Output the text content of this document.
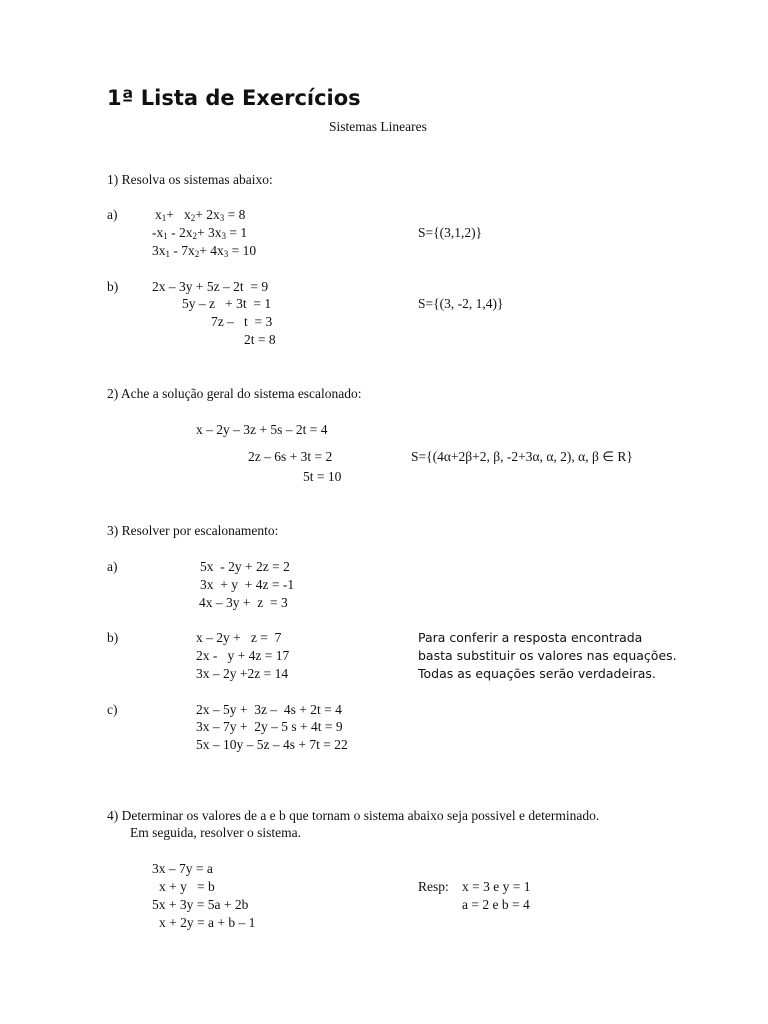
1ª Lista de Exercícios
Sistemas Lineares
1) Resolva os sistemas abaixo:
a)	$x_1+ x_2+ 2x_3 = 8$
$-x_1 - 2x_2+ 3x_3 = 1$
$3x_1 - 7x_2+ 4x_3 = 10$
S={(3,1,2)}
b)	2x – 3y + 5z – 2t  = 9
5y – z   + 3t  = 1
7z –   t  = 3
2t = 8
S={(3, -2, 1,4)}
2) Ache a solução geral do sistema escalonado:
x – 2y – 3z + 5s – 2t = 4
2z – 6s + 3t = 2	S={(4α+2β+2, β, -2+3α, α, 2), α, β ∈ R}
5t = 10
3) Resolver por escalonamento:
a)	5x  - 2y + 2z = 2
3x  + y  + 4z = -1
4x – 3y +  z  = 3
b)	x – 2y +   z =  7
2x -   y + 4z = 17
3x – 2y +2z = 14
Para conferir a resposta encontrada
basta substituir os valores nas equações.
Todas as equações serão verdadeiras.
c)	2x – 5y +  3z –  4s + 2t = 4
3x – 7y +  2y – 5 s + 4t = 9
5x – 10y – 5z – 4s + 7t = 22
4) Determinar os valores de a e b que tornam o sistema abaixo seja possivel e determinado.
Em seguida, resolver o sistema.
3x – 7y = a
x + y   = b
5x + 3y = 5a + 2b
x + 2y = a + b – 1
Resp: x = 3 e y = 1
a = 2 e b = 4
